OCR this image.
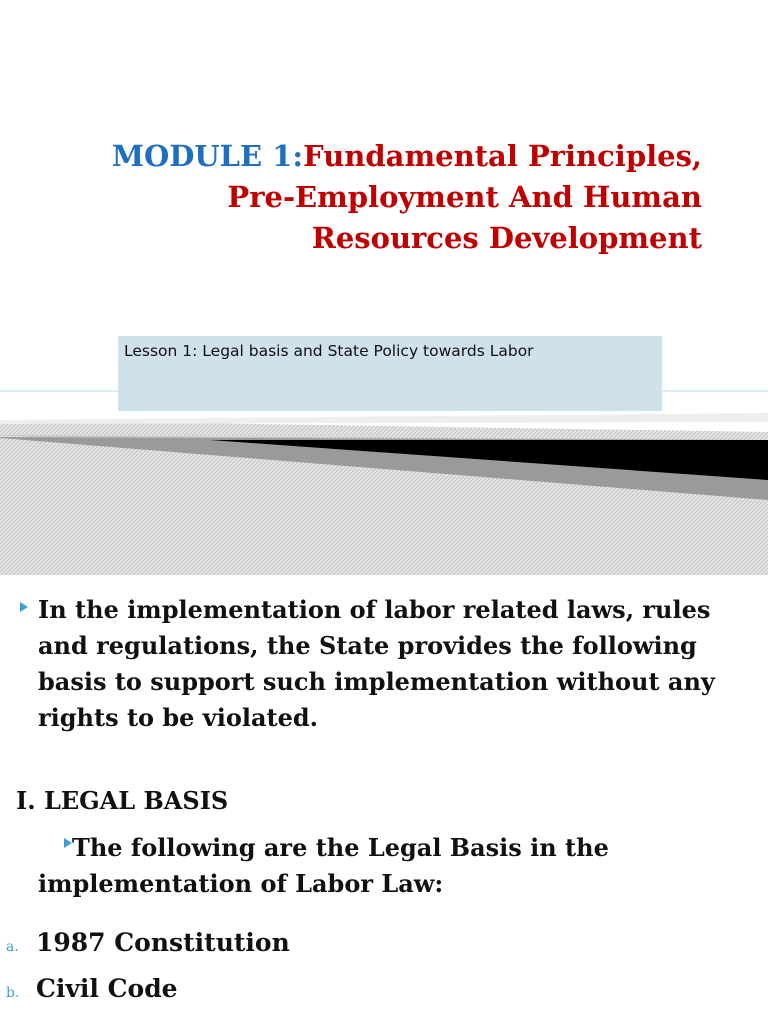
MODULE 1:Fundamental Principles, Pre-Employment And Human Resources Development
Lesson 1: Legal basis and State Policy towards Labor
In the implementation of labor related laws, rules and regulations, the State provides the following basis to support such implementation without any rights to be violated.
I. LEGAL BASIS
The following are the Legal Basis in the implementation of Labor Law:
a. 1987 Constitution
b. Civil Code
